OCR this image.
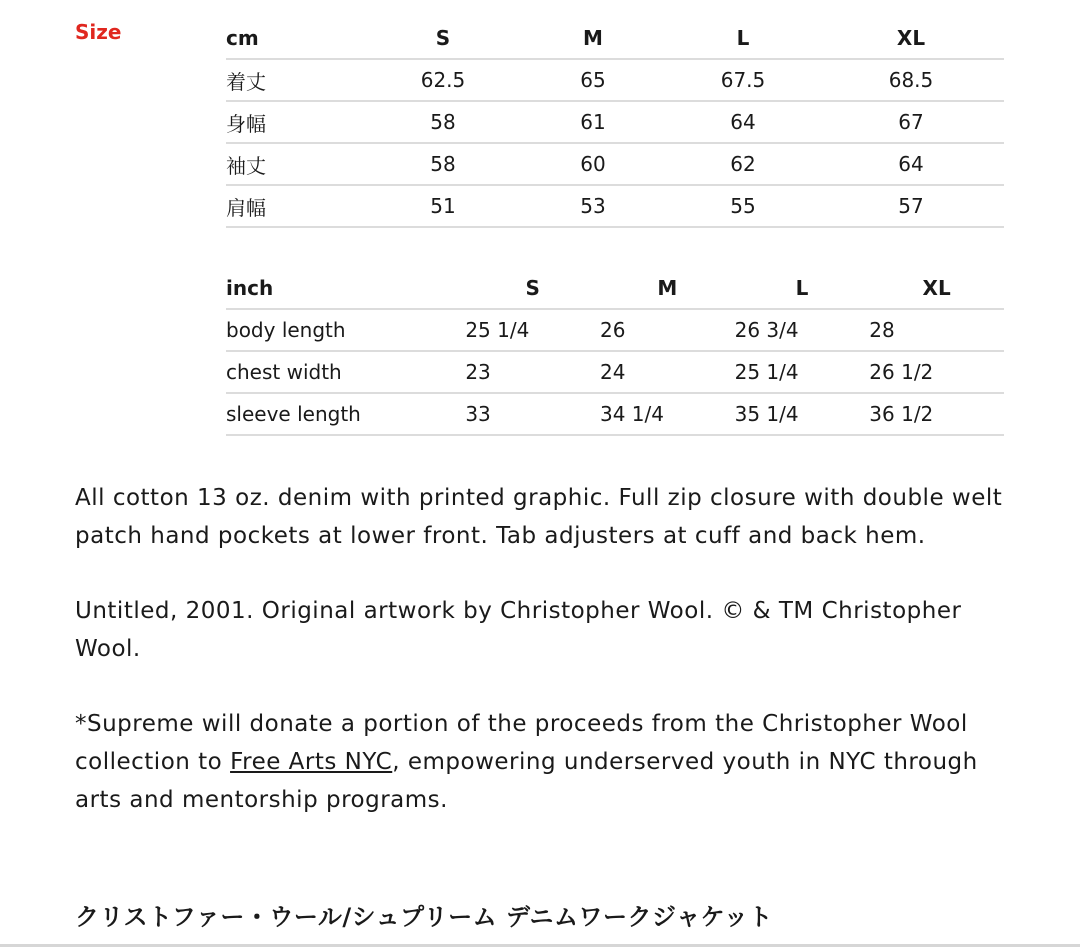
Size	cm	S	M	L	XL
着丈	62.5	65	67.5	68.5
身幅	58	61	64	67
袖丈	58	60	62	64
肩幅	51	53	55	57
inch	S	M	L	XL
body length	25 1/4	26	26 3/4	28
chest width	23	24	25 1/4	26 1/2
sleeve length	33	34 1/4	35 1/4	36 1/2

All cotton 13 oz. denim with printed graphic. Full zip closure with double welt patch hand pockets at lower front. Tab adjusters at cuff and back hem.

Untitled, 2001. Original artwork by Christopher Wool. © & TM Christopher Wool.

*Supreme will donate a portion of the proceeds from the Christopher Wool collection to Free Arts NYC, empowering underserved youth in NYC through arts and mentorship programs.

クリストファー・ウール/シュプリーム デニムワークジャケット
